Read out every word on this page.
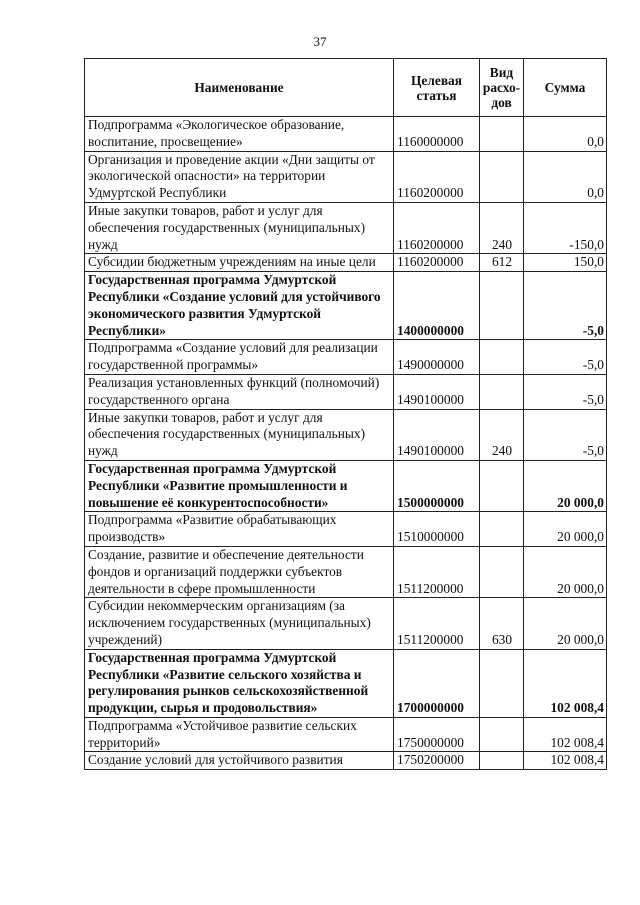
37
Наименование	Целевая статья	Вид расхо-дов	Сумма
Подпрограмма «Экологическое образование, воспитание, просвещение»	1160000000		0,0
Организация и проведение акции «Дни защиты от экологической опасности» на территории Удмуртской Республики	1160200000		0,0
Иные закупки товаров, работ и услуг для обеспечения государственных (муниципальных) нужд	1160200000	240	-150,0
Субсидии бюджетным учреждениям на иные цели	1160200000	612	150,0
Государственная программа Удмуртской Республики «Создание условий для устойчивого экономического развития Удмуртской Республики»	1400000000		-5,0
Подпрограмма «Создание условий для реализации государственной программы»	1490000000		-5,0
Реализация установленных функций (полномочий) государственного органа	1490100000		-5,0
Иные закупки товаров, работ и услуг для обеспечения государственных (муниципальных) нужд	1490100000	240	-5,0
Государственная программа Удмуртской Республики «Развитие промышленности и повышение её конкурентоспособности»	1500000000		20 000,0
Подпрограмма «Развитие обрабатывающих производств»	1510000000		20 000,0
Создание, развитие и обеспечение деятельности фондов и организаций поддержки субъектов деятельности в сфере промышленности	1511200000		20 000,0
Субсидии некоммерческим организациям (за исключением государственных (муниципальных) учреждений)	1511200000	630	20 000,0
Государственная программа Удмуртской Республики «Развитие сельского хозяйства и регулирования рынков сельскохозяйственной продукции, сырья и продовольствия»	1700000000		102 008,4
Подпрограмма «Устойчивое развитие сельских территорий»	1750000000		102 008,4
Создание условий для устойчивого развития	1750200000		102 008,4
